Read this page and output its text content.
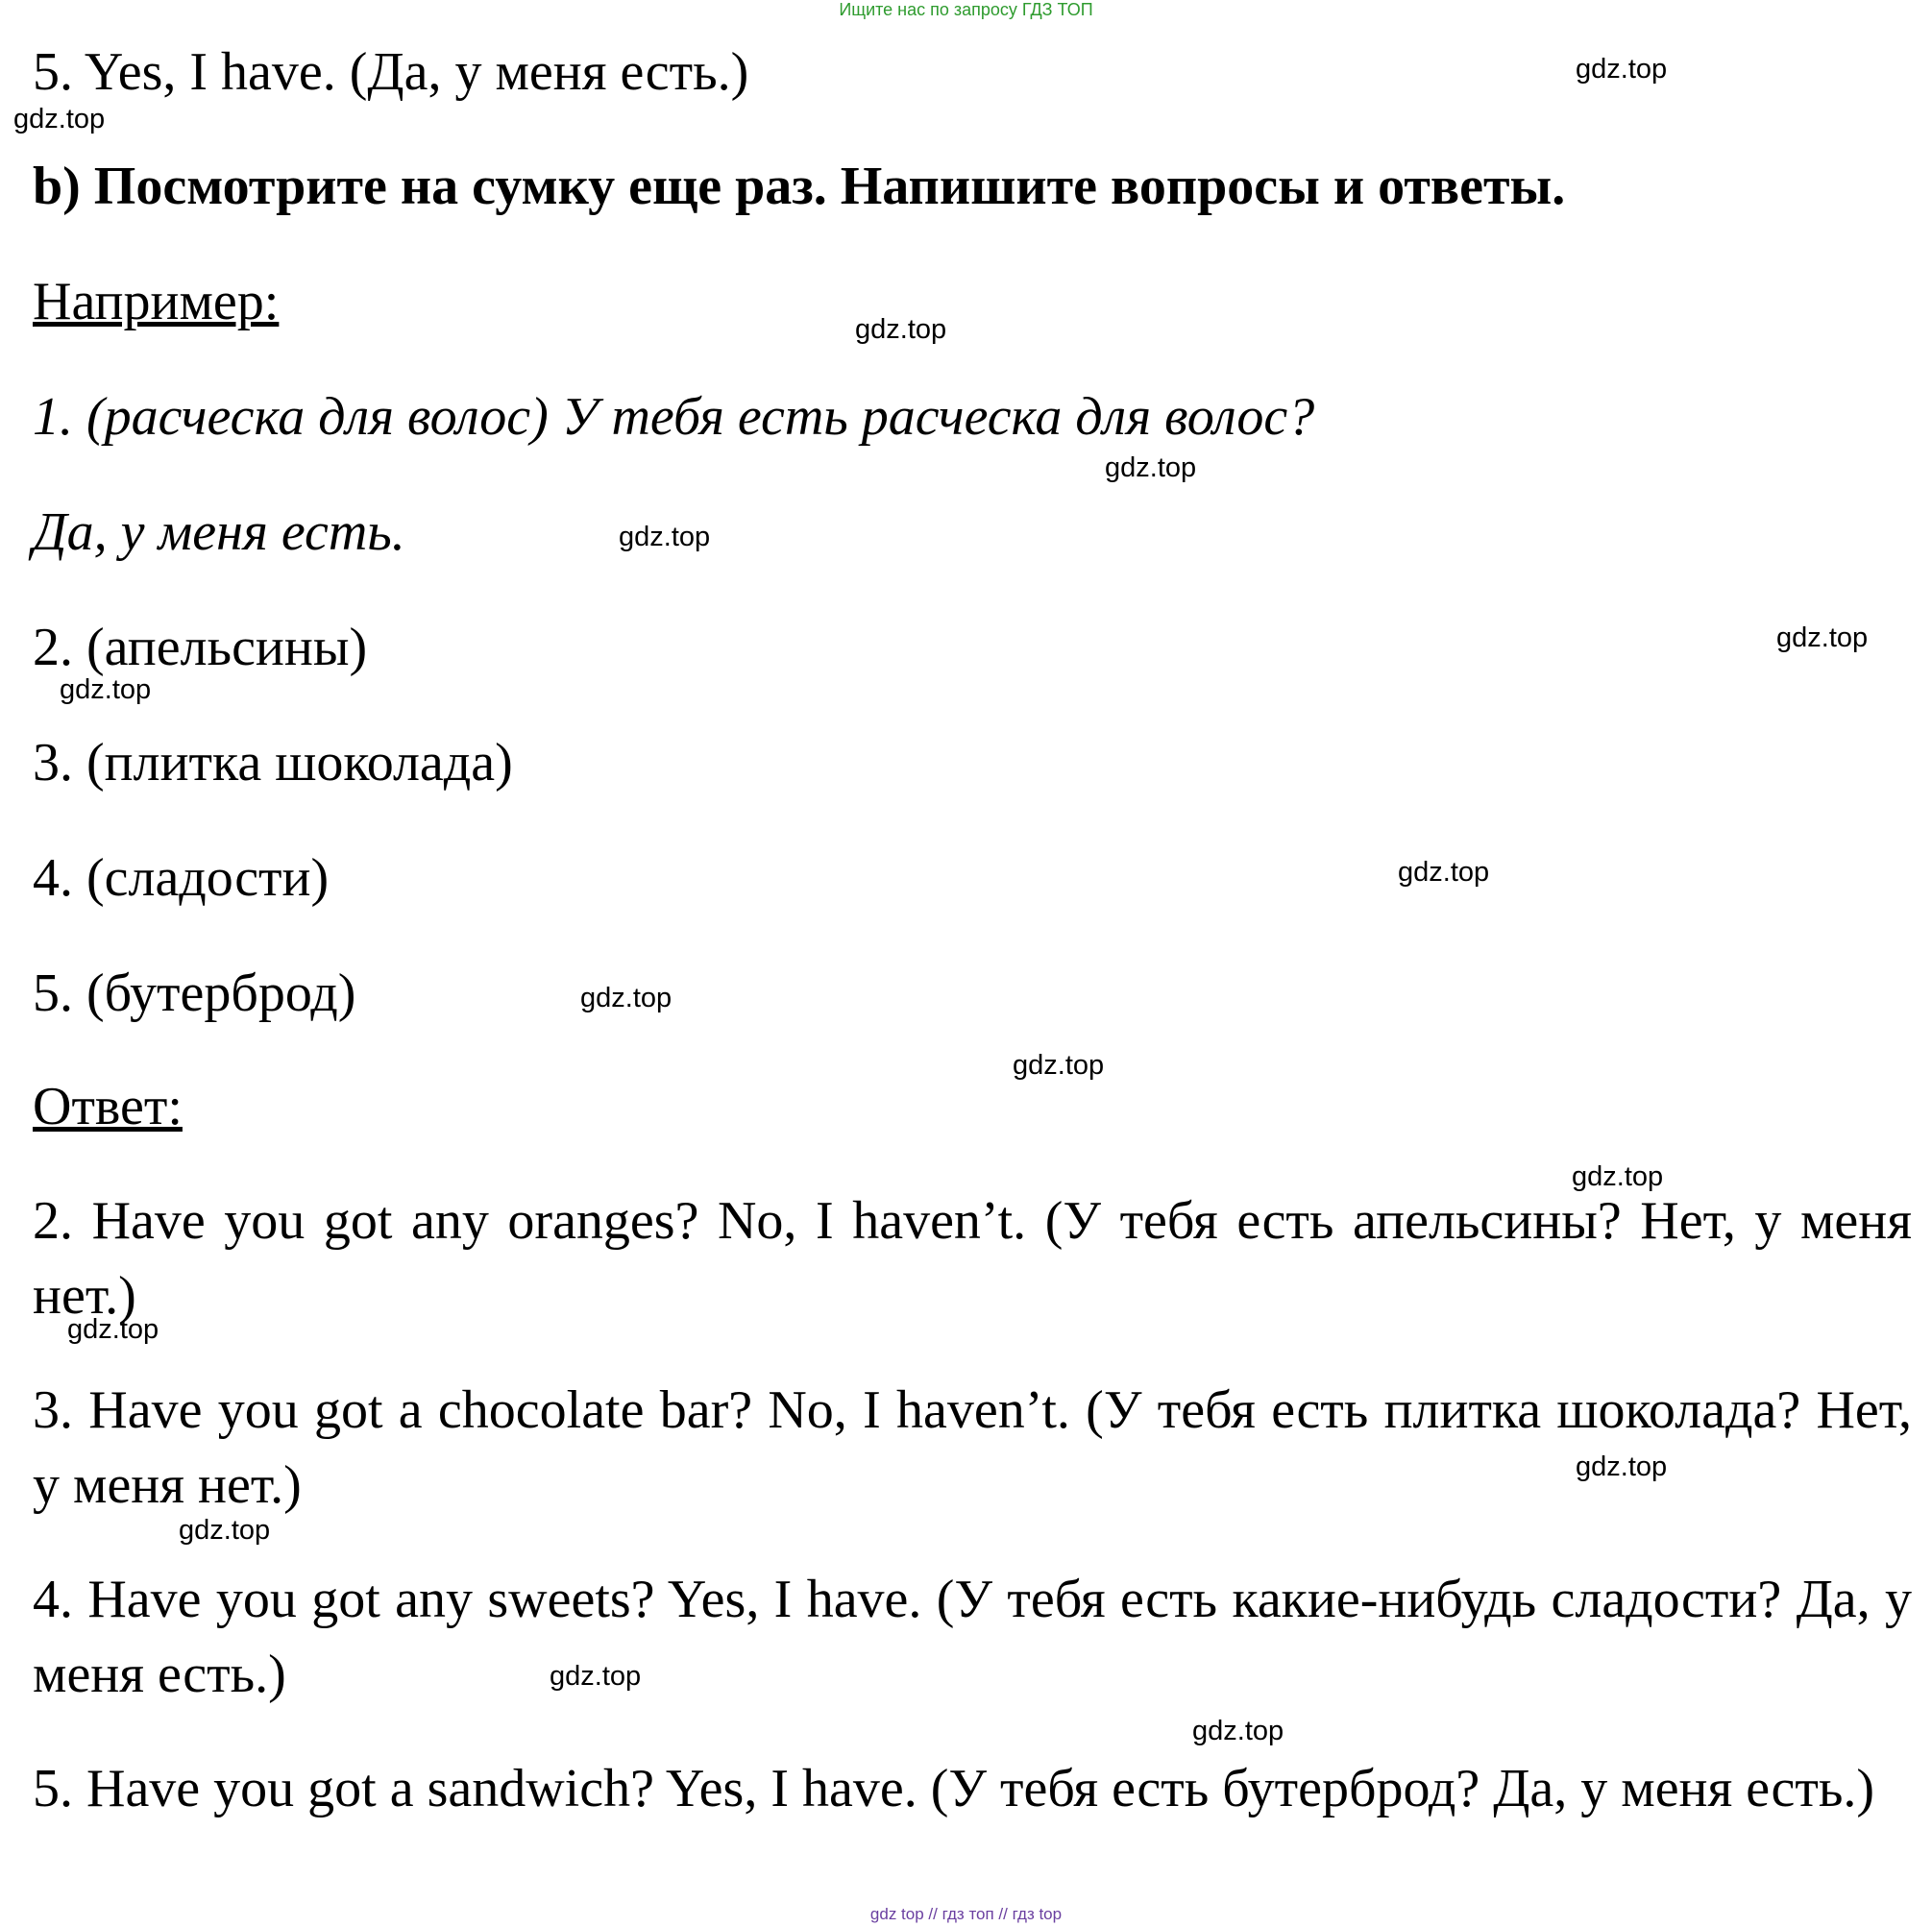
Ищите нас по запросу ГДЗ ТОП
5. Yes, I have. (Да, у меня есть.)
b) Посмотрите на сумку еще раз. Напишите вопросы и ответы.
Например:
1. (расческа для волос) У тебя есть расческа для волос?
Да, у меня есть.
2. (апельсины)
3. (плитка шоколада)
4. (сладости)
5. (бутерброд)
Ответ:
2. Have you got any oranges? No, I haven’t. (У тебя есть апельсины? Нет, у меня нет.)
3. Have you got a chocolate bar? No, I haven’t. (У тебя есть плитка шоколада? Нет, у меня нет.)
4. Have you got any sweets? Yes, I have. (У тебя есть какие-нибудь сладости? Да, у меня есть.)
5. Have you got a sandwich? Yes, I have. (У тебя есть бутерброд? Да, у меня есть.)
gdz.top
gdz.top
gdz.top
gdz.top
gdz.top
gdz.top
gdz.top
gdz.top
gdz.top
gdz.top
gdz.top
gdz.top
gdz.top
gdz.top
gdz.top
gdz.top
gdz top // гдз топ // гдз top
